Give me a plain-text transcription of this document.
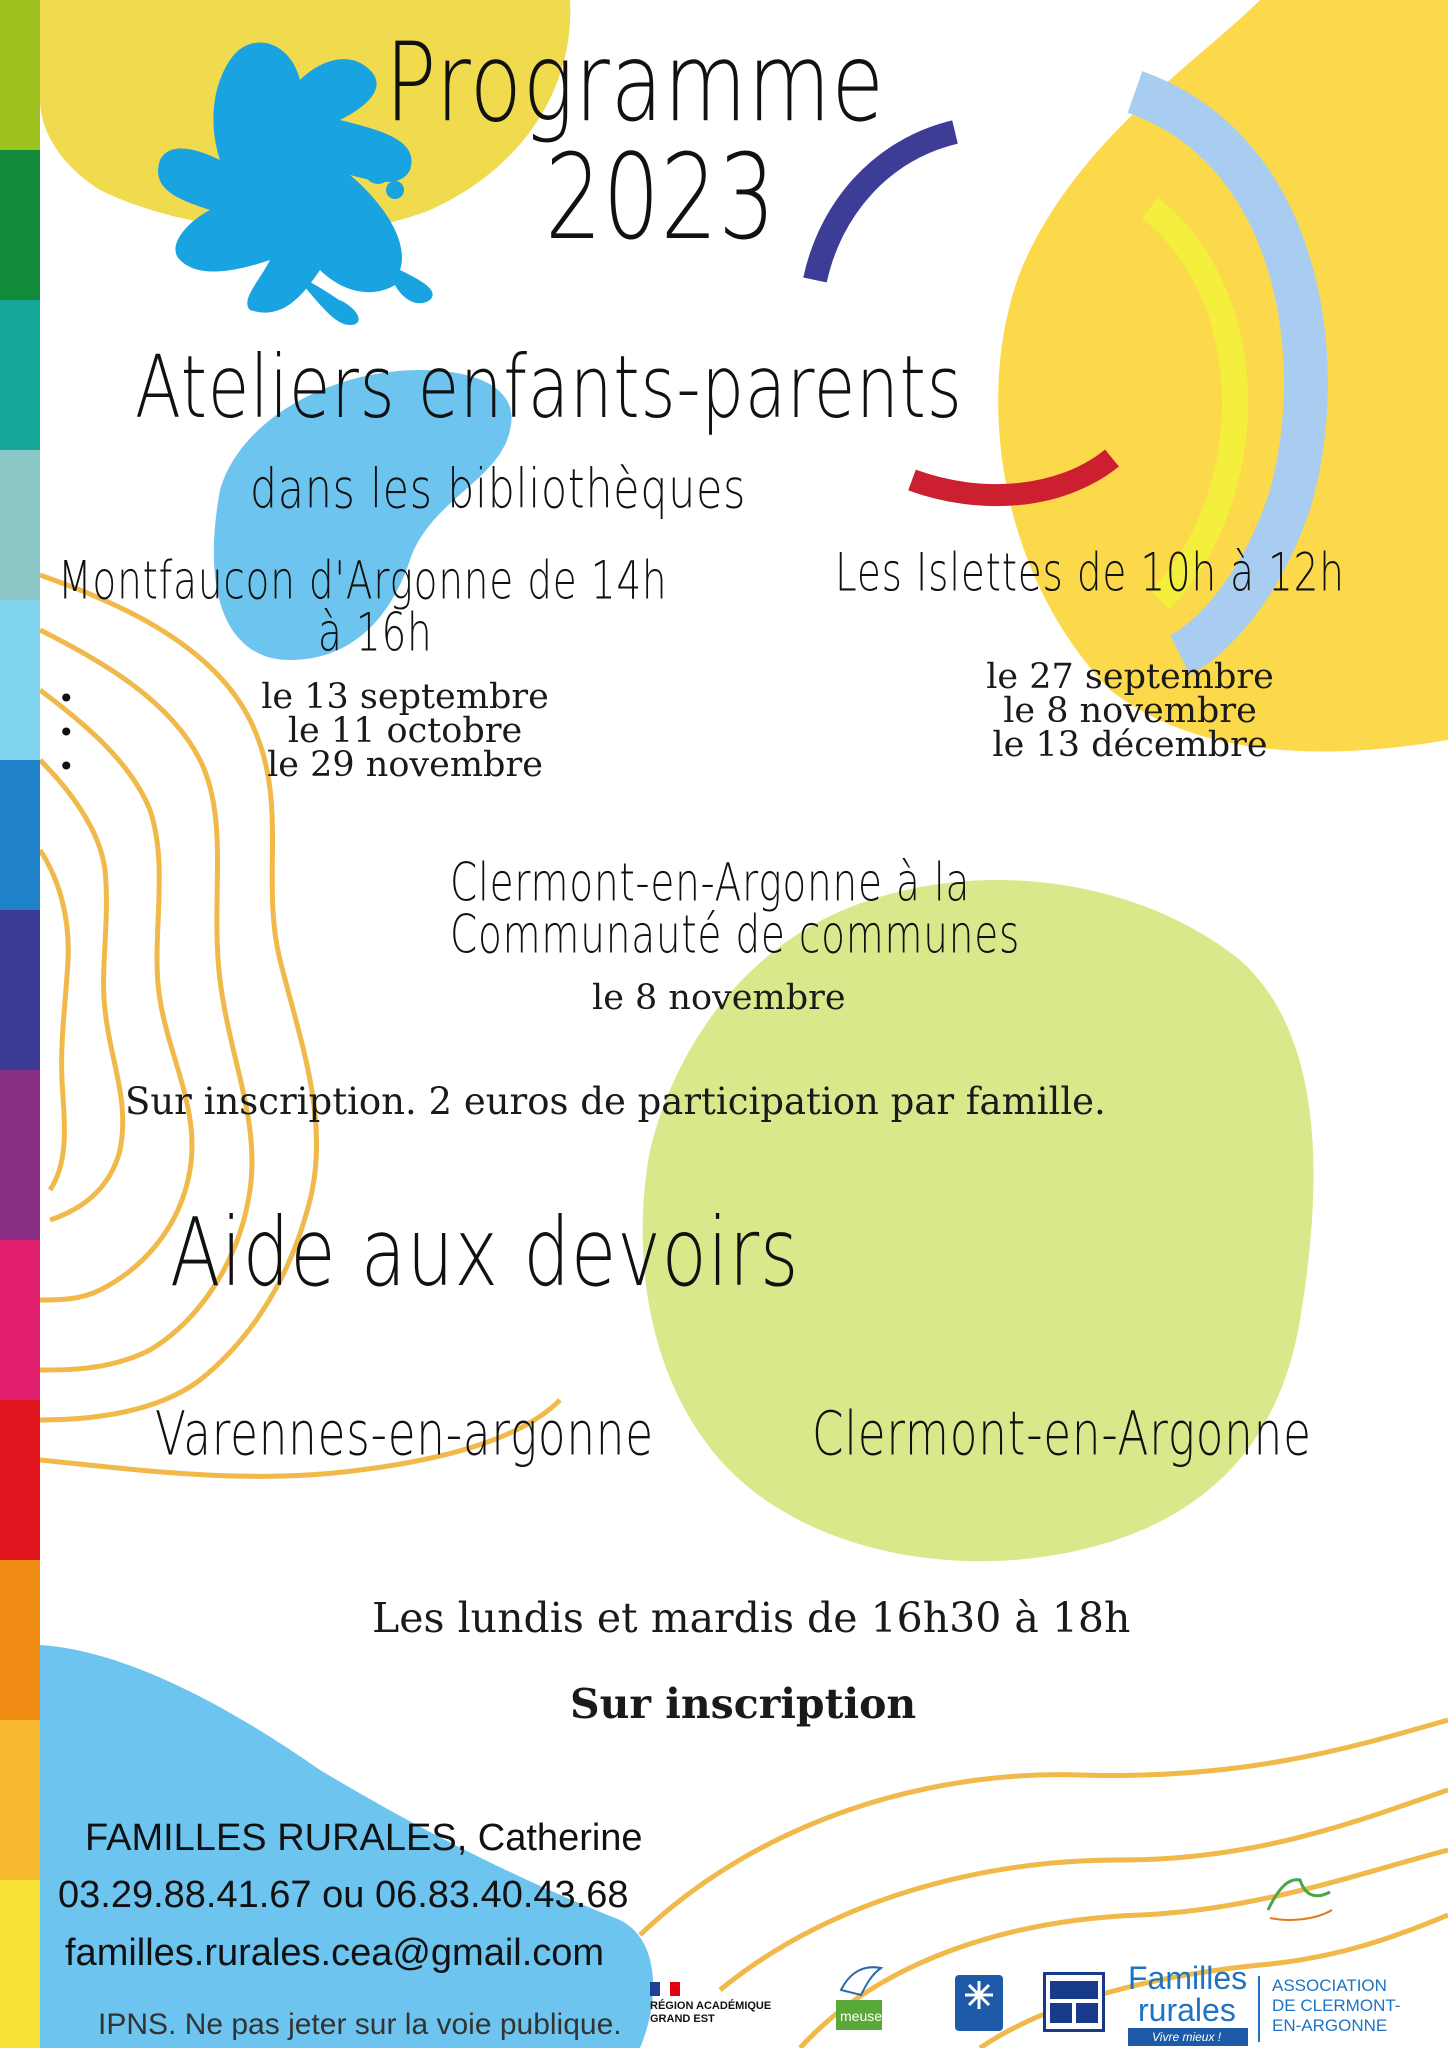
Programme
2023
Ateliers enfants-parents
dans les bibliothèques
Montfaucon d'Argonne de 14h
à 16h
•
•
•
le 13 septembre
le 11 octobre
le 29 novembre
Les Islettes de 10h à 12h
le 27 septembre
le 8 novembre
le 13 décembre
Clermont-en-Argonne à la
Communauté de communes
le 8 novembre
Sur inscription. 2 euros de participation par famille.
Aide aux devoirs
Varennes-en-argonne	Clermont-en-Argonne
Les lundis et mardis de 16h30 à 18h
Sur inscription
FAMILLES RURALES, Catherine
03.29.88.41.67 ou 06.83.40.43.68
familles.rurales.cea@gmail.com
IPNS. Ne pas jeter sur la voie publique.
RÉGION ACADÉMIQUE
GRAND EST	meuse
Familles
rurales
Vivre mieux !
ASSOCIATION
DE CLERMONT-
EN-ARGONNE
